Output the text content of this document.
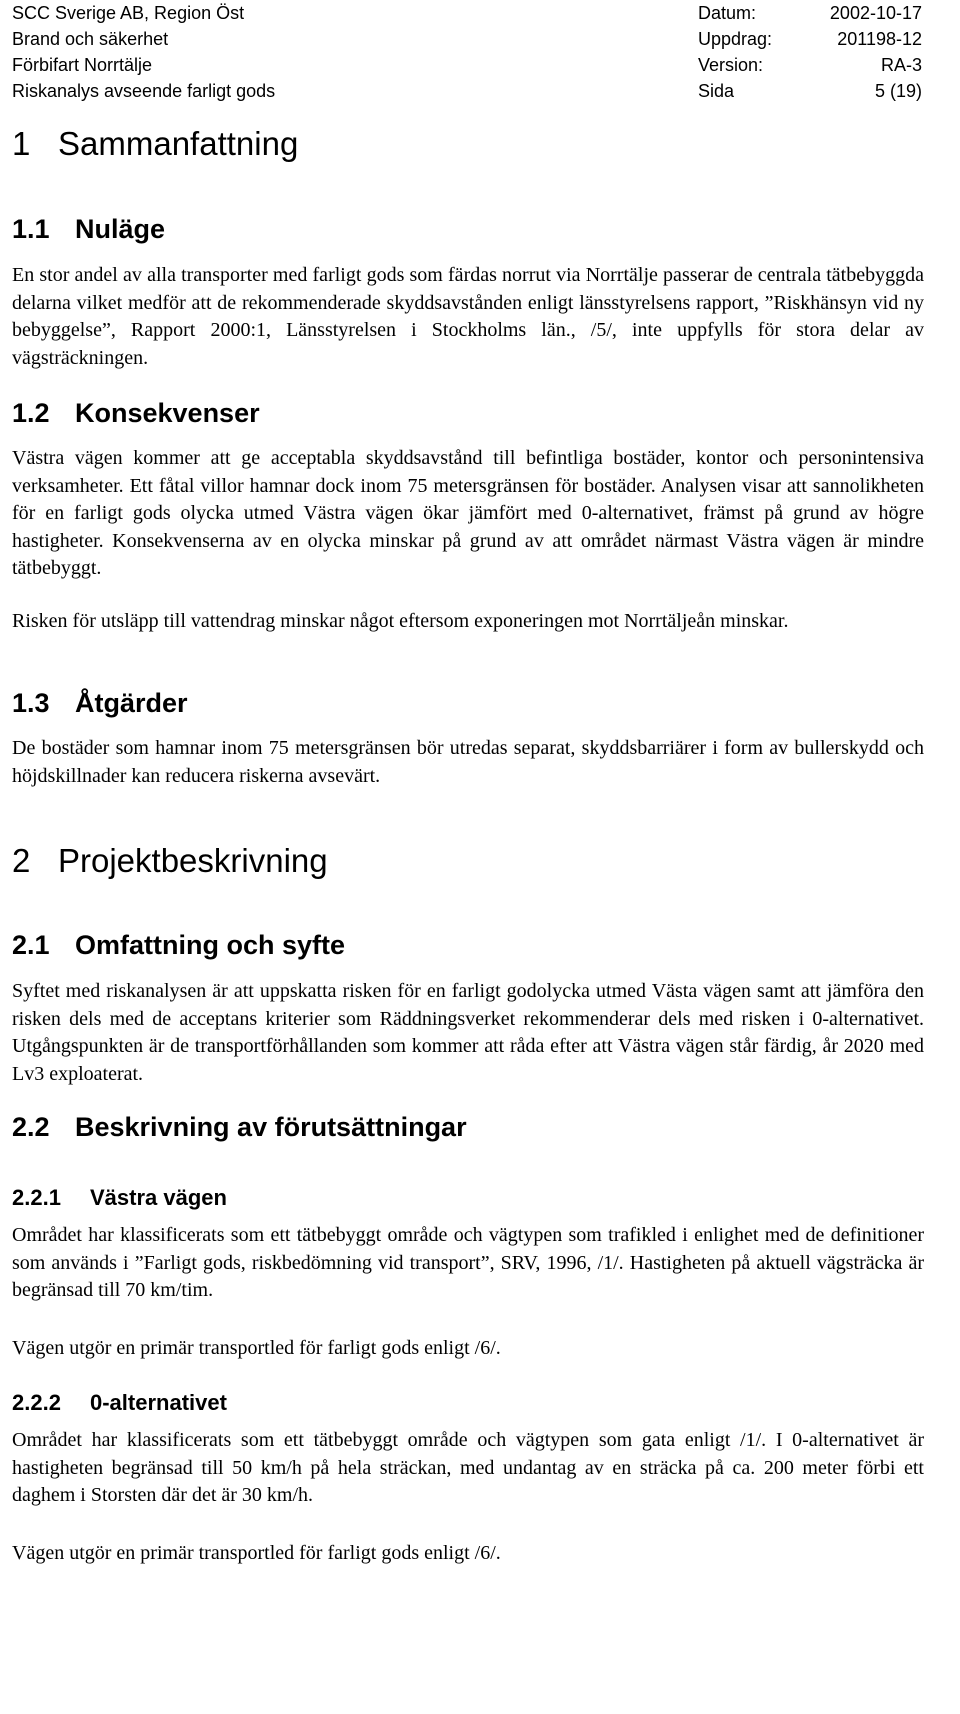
SCC Sverige AB, Region Öst	Datum:	2002-10-17
Brand och säkerhet	Uppdrag:	201198-12
Förbifart Norrtälje	Version:	RA-3
Riskanalys avseende farligt gods	Sida	5 (19)
1 Sammanfattning
1.1 Nuläge
En stor andel av alla transporter med farligt gods som färdas norrut via Norrtälje passerar de centrala tätbebyggda delarna vilket medför att de rekommenderade skyddsavstånden enligt länsstyrelsens rapport, ”Riskhänsyn vid ny bebyggelse”, Rapport 2000:1, Länsstyrelsen i Stockholms län., /5/, inte uppfylls för stora delar av vägsträckningen.
1.2 Konsekvenser
Västra vägen kommer att ge acceptabla skyddsavstånd till befintliga bostäder, kontor och personintensiva verksamheter. Ett fåtal villor hamnar dock inom 75 metersgränsen för bostäder. Analysen visar att sannolikheten för en farligt gods olycka utmed Västra vägen ökar jämfört med 0-alternativet, främst på grund av högre hastigheter. Konsekvenserna av en olycka minskar på grund av att området närmast Västra vägen är mindre tätbebyggt.
Risken för utsläpp till vattendrag minskar något eftersom exponeringen mot Norrtäljeån minskar.
1.3 Åtgärder
De bostäder som hamnar inom 75 metersgränsen bör utredas separat, skyddsbarriärer i form av bullerskydd och höjdskillnader kan reducera riskerna avsevärt.
2 Projektbeskrivning
2.1 Omfattning och syfte
Syftet med riskanalysen är att uppskatta risken för en farligt godolycka utmed Västa vägen samt att jämföra den risken dels med de acceptans kriterier som Räddningsverket rekommenderar dels med risken i 0-alternativet. Utgångspunkten är de transportförhållanden som kommer att råda efter att Västra vägen står färdig, år 2020 med Lv3 exploaterat.
2.2 Beskrivning av förutsättningar
2.2.1 Västra vägen
Området har klassificerats som ett tätbebyggt område och vägtypen som trafikled i enlighet med de definitioner som används i ”Farligt gods, riskbedömning vid transport”, SRV, 1996, /1/. Hastigheten på aktuell vägsträcka är begränsad till 70 km/tim.
Vägen utgör en primär transportled för farligt gods enligt /6/.
2.2.2 0-alternativet
Området har klassificerats som ett tätbebyggt område och vägtypen som gata enligt /1/. I 0-alternativet är hastigheten begränsad till 50 km/h på hela sträckan, med undantag av en sträcka på ca. 200 meter förbi ett daghem i Storsten där det är 30 km/h.
Vägen utgör en primär transportled för farligt gods enligt /6/.
